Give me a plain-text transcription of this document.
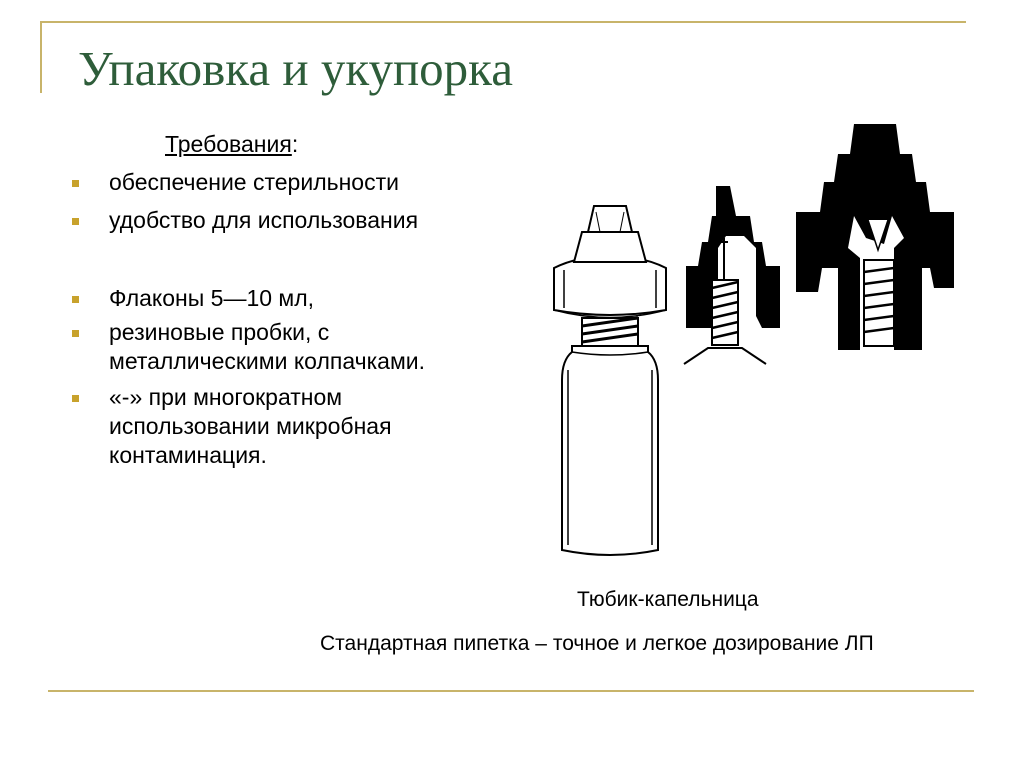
Упаковка и укупорка
Требования:
обеспечение стерильности
удобство для использования
Флаконы 5—10 мл,
резиновые пробки, с металлическими колпачками.
«-» при многократном использовании микробная контаминация.
Тюбик-капельница
Стандартная пипетка – точное и легкое дозирование ЛП
